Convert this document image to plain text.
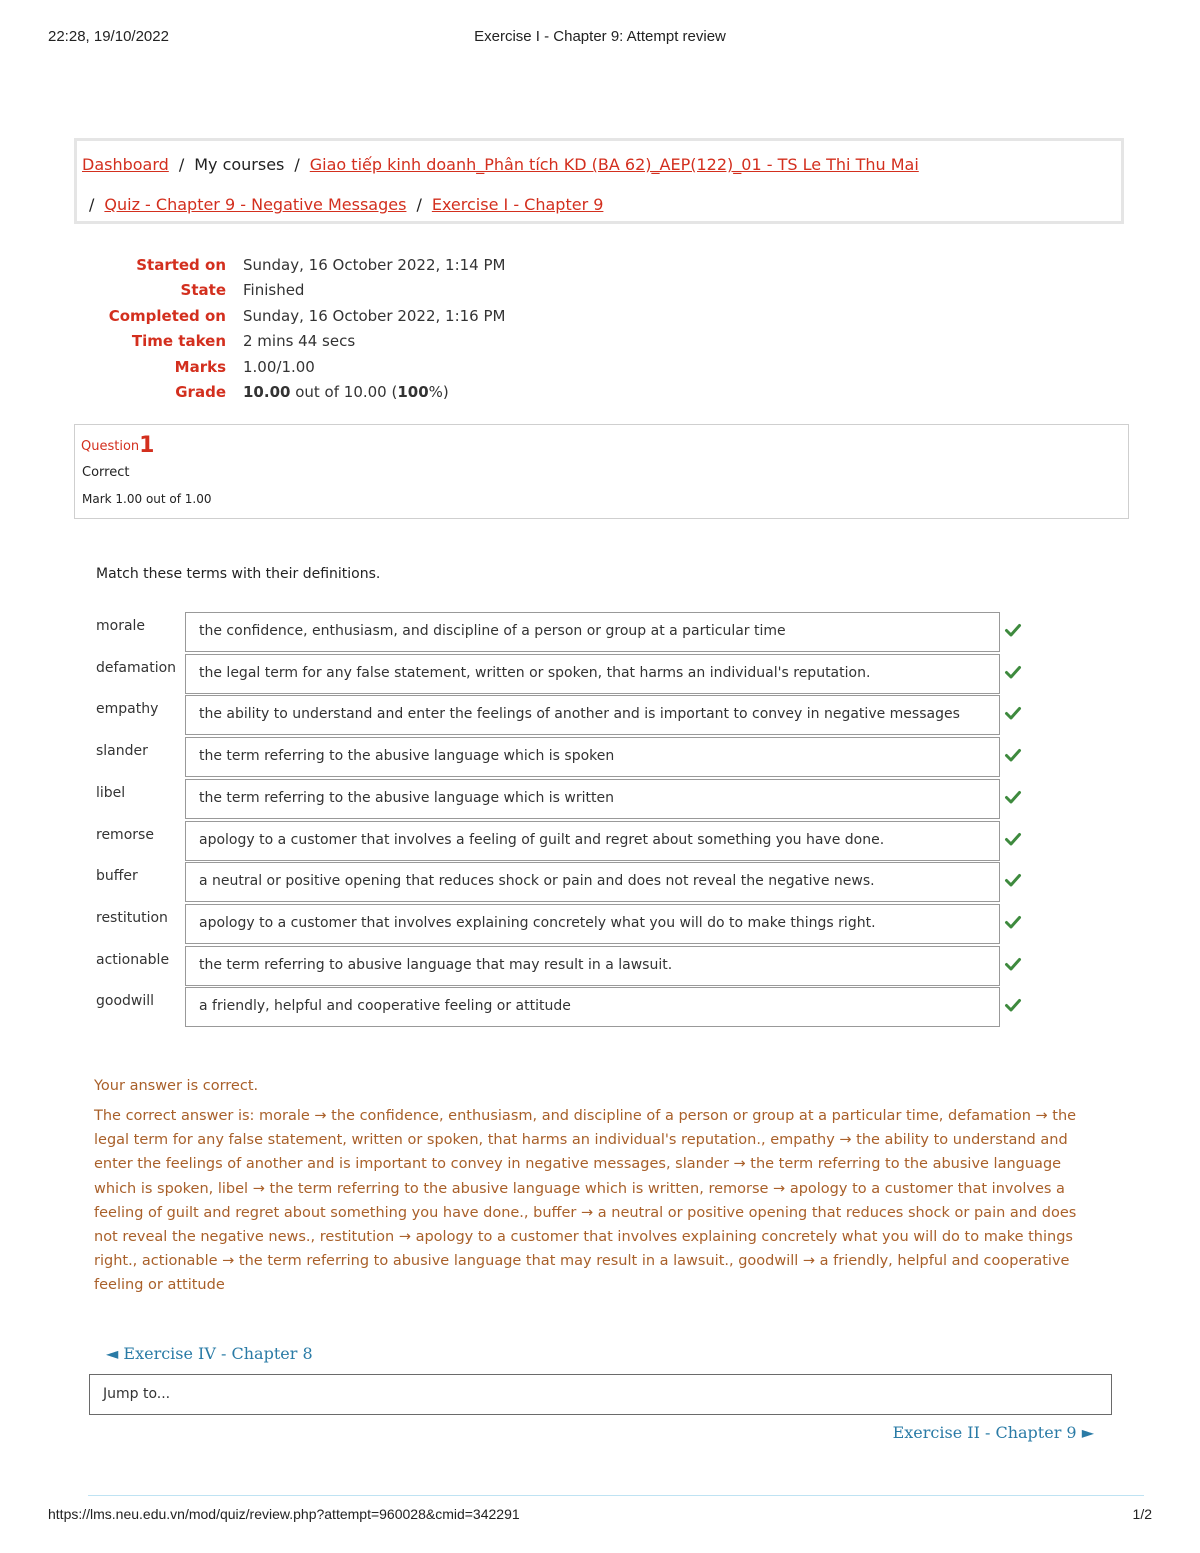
22:28, 19/10/2022	Exercise I - Chapter 9: Attempt review
Dashboard / My courses / Giao tiếp kinh doanh_Phân tích KD (BA 62)_AEP(122)_01 - TS Le Thi Thu Mai
/ Quiz - Chapter 9 - Negative Messages / Exercise I - Chapter 9
Started on Sunday, 16 October 2022, 1:14 PM
State Finished
Completed on Sunday, 16 October 2022, 1:16 PM
Time taken 2 mins 44 secs
Marks 1.00/1.00
Grade 10.00 out of 10.00 (100%)
Question1
Correct
Mark 1.00 out of 1.00
Match these terms with their definitions.
morale	the confidence, enthusiasm, and discipline of a person or group at a particular time
defamation	the legal term for any false statement, written or spoken, that harms an individual's reputation.
empathy	the ability to understand and enter the feelings of another and is important to convey in negative messages
slander	the term referring to the abusive language which is spoken
libel	the term referring to the abusive language which is written
remorse	apology to a customer that involves a feeling of guilt and regret about something you have done.
buffer	a neutral or positive opening that reduces shock or pain and does not reveal the negative news.
restitution	apology to a customer that involves explaining concretely what you will do to make things right.
actionable	the term referring to abusive language that may result in a lawsuit.
goodwill	a friendly, helpful and cooperative feeling or attitude

Your answer is correct.

The correct answer is: morale → the confidence, enthusiasm, and discipline of a person or group at a particular time, defamation → the legal term for any false statement, written or spoken, that harms an individual's reputation., empathy → the ability to understand and enter the feelings of another and is important to convey in negative messages, slander → the term referring to the abusive language which is spoken, libel → the term referring to the abusive language which is written, remorse → apology to a customer that involves a feeling of guilt and regret about something you have done., buffer → a neutral or positive opening that reduces shock or pain and does not reveal the negative news., restitution → apology to a customer that involves explaining concretely what you will do to make things right., actionable → the term referring to abusive language that may result in a lawsuit., goodwill → a friendly, helpful and cooperative feeling or attitude

◄ Exercise IV - Chapter 8
Jump to...
Exercise II - Chapter 9 ►
https://lms.neu.edu.vn/mod/quiz/review.php?attempt=960028&cmid=342291	1/2
